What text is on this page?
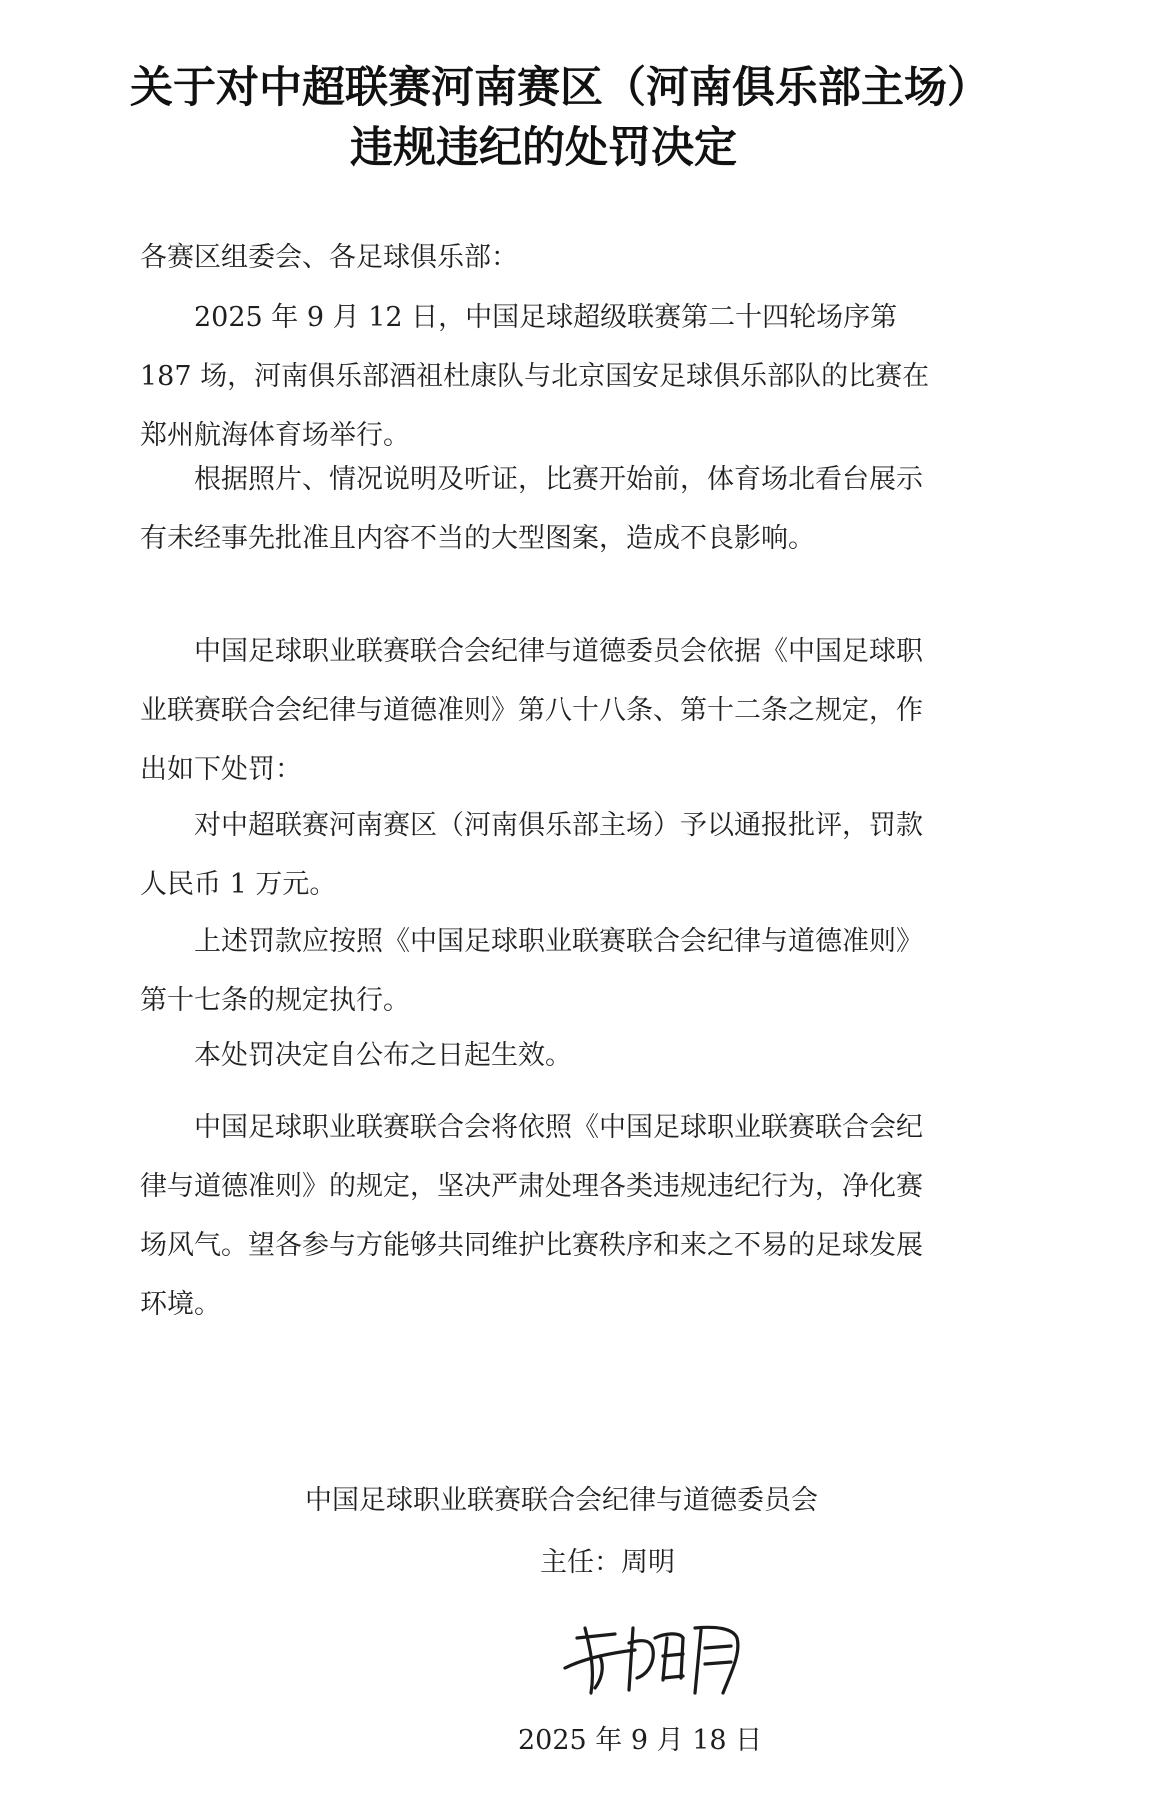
关于对中超联赛河南赛区（河南俱乐部主场）
违规违纪的处罚决定

各赛区组委会、各足球俱乐部：

2025 年 9 月 12 日，中国足球超级联赛第二十四轮场序第 187 场，河南俱乐部酒祖杜康队与北京国安足球俱乐部队的比赛在郑州航海体育场举行。

根据照片、情况说明及听证，比赛开始前，体育场北看台展示有未经事先批准且内容不当的大型图案，造成不良影响。

中国足球职业联赛联合会纪律与道德委员会依据《中国足球职业联赛联合会纪律与道德准则》第八十八条、第十二条之规定，作出如下处罚：

对中超联赛河南赛区（河南俱乐部主场）予以通报批评，罚款人民币 1 万元。

上述罚款应按照《中国足球职业联赛联合会纪律与道德准则》第十七条的规定执行。

本处罚决定自公布之日起生效。

中国足球职业联赛联合会将依照《中国足球职业联赛联合会纪律与道德准则》的规定，坚决严肃处理各类违规违纪行为，净化赛场风气。望各参与方能够共同维护比赛秩序和来之不易的足球发展环境。

中国足球职业联赛联合会纪律与道德委员会
主任：周明
2025 年 9 月 18 日
